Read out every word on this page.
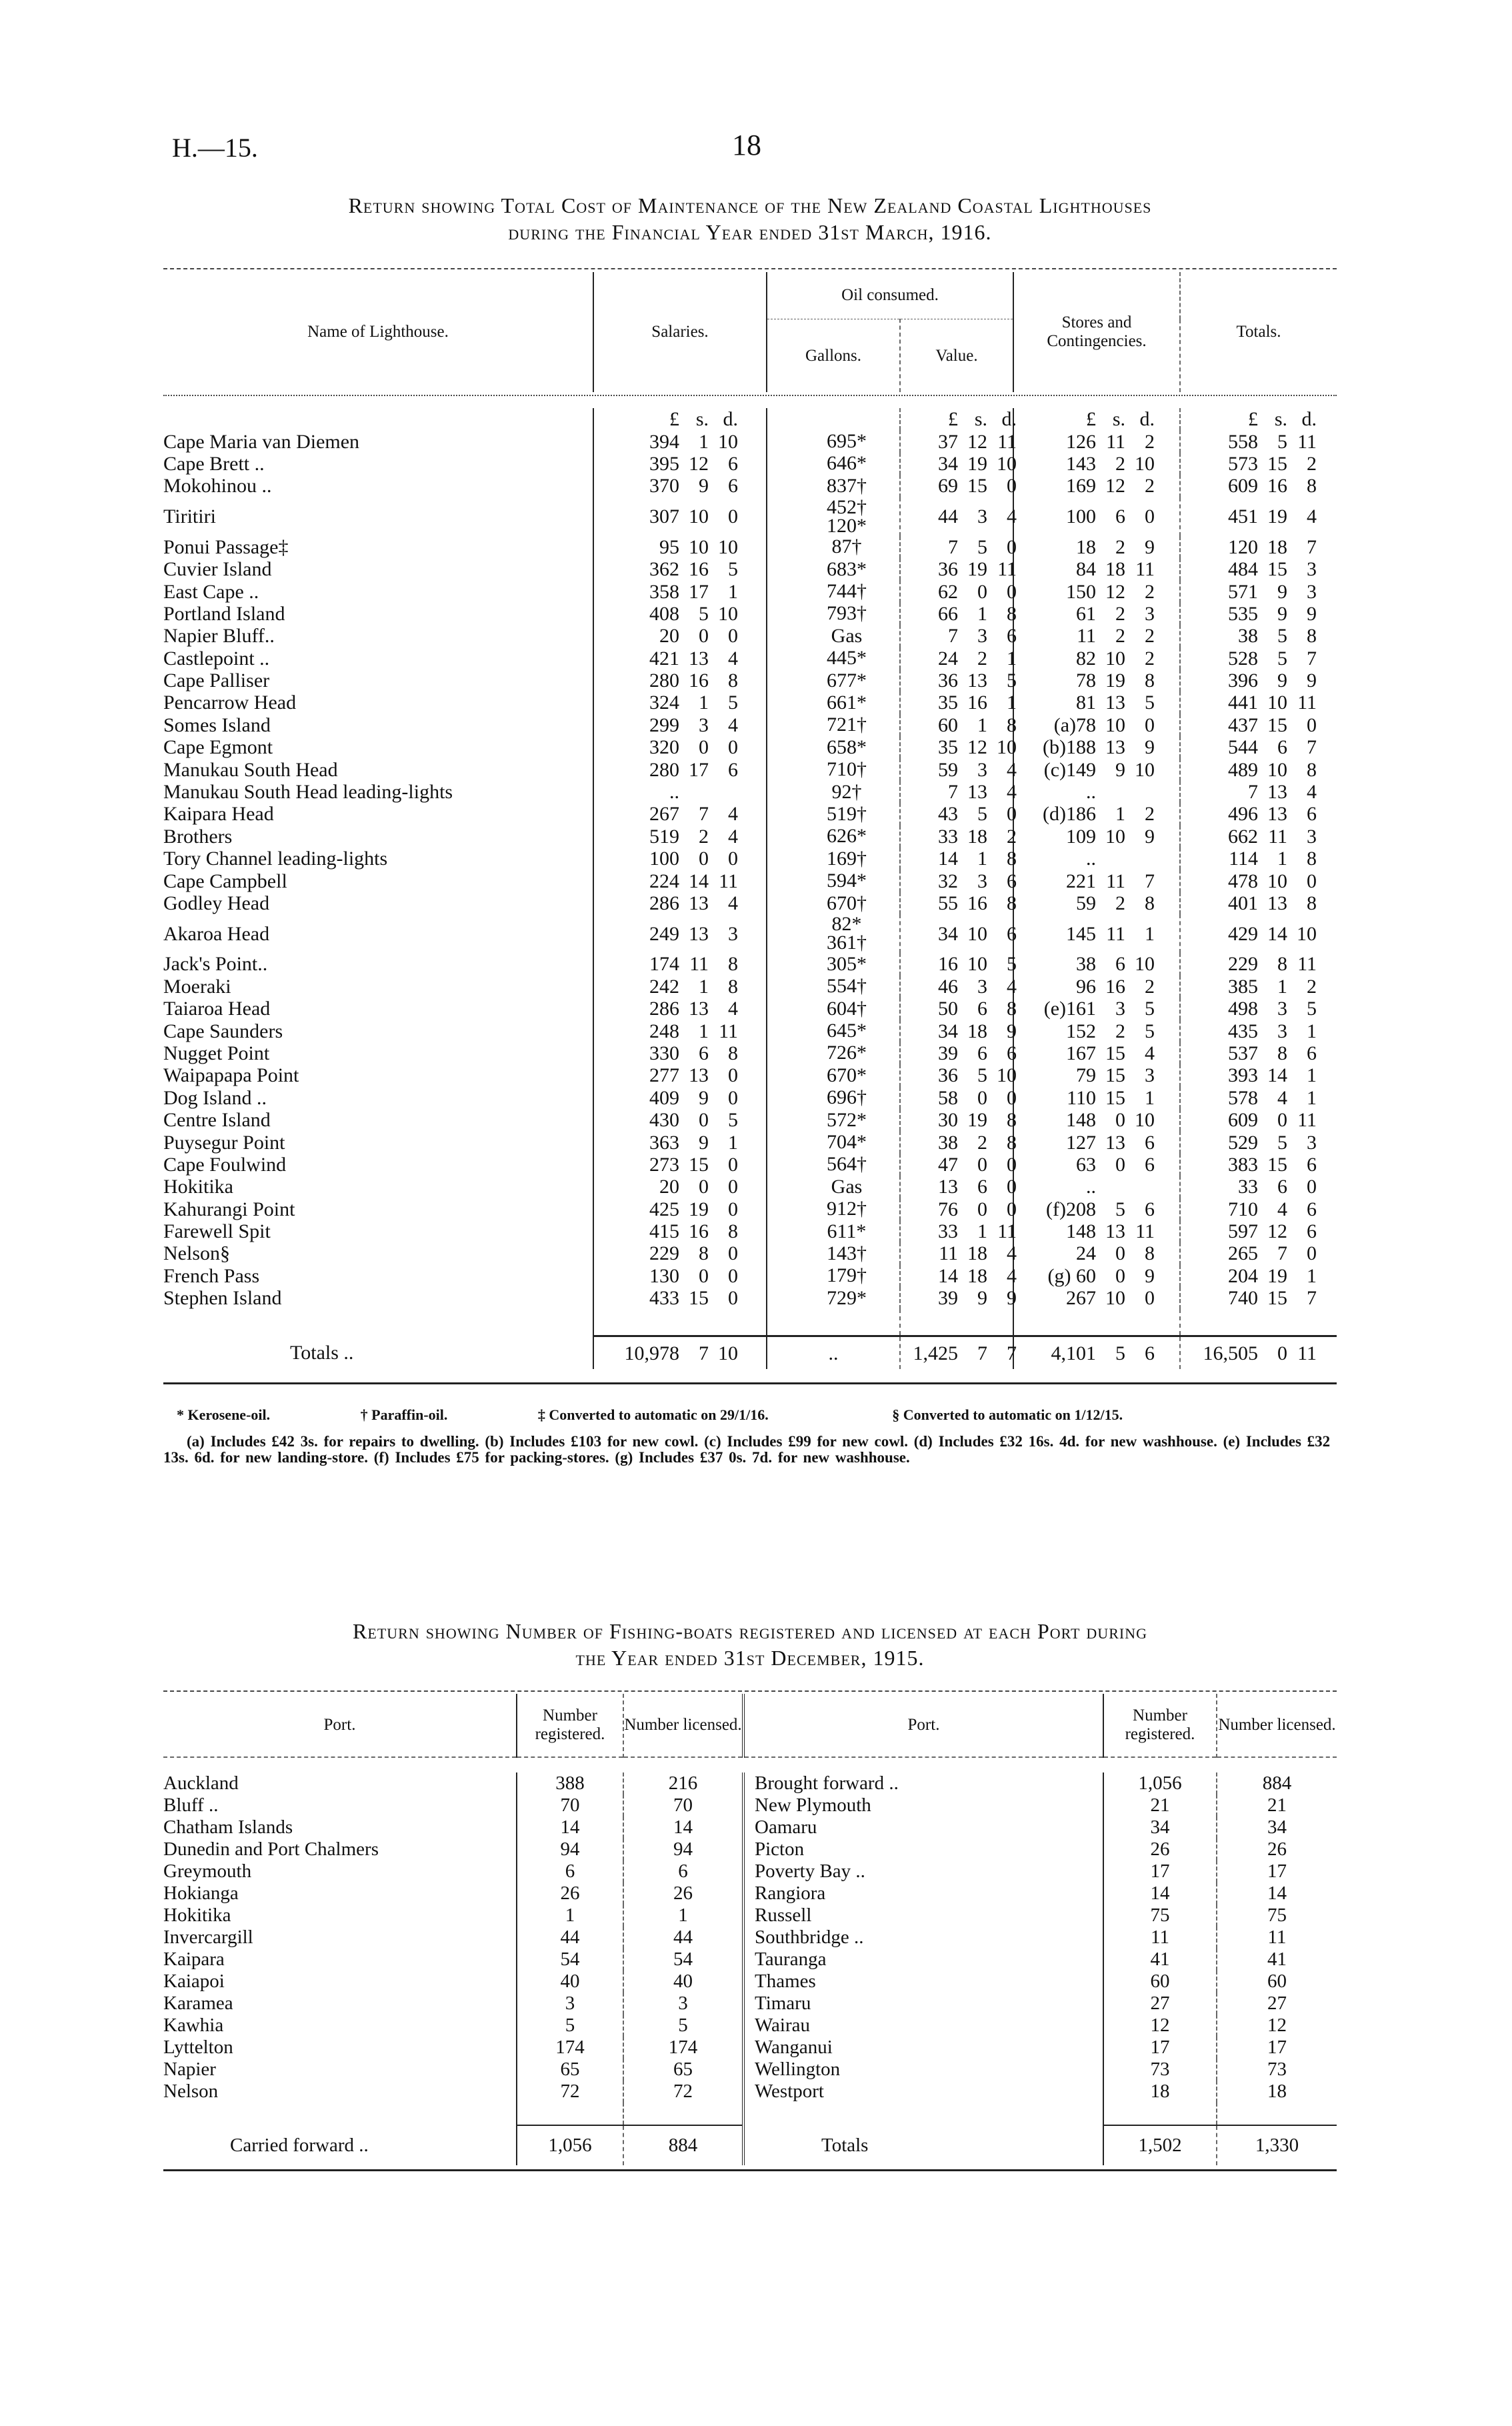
H.—15.	18
Return showing Total Cost of Maintenance of the New Zealand Coastal Lighthouses
during the Financial Year ended 31st March, 1916.
Name of Lighthouse.	Salaries.	Oil consumed.		Stores and Contingencies.	Totals.
		Gallons.	Value.		
	£ s. d.		£ s. d.	£ s. d.	£ s. d.
Cape Maria van Diemen	394 1 10	695*	37 12 11	126 11 2	558 5 11
Cape Brett ..	395 12 6	646*	34 19 10	143 2 10	573 15 2
Mokohinou ..	370 9 6	837†	69 15 0	169 12 2	609 16 8
Tiritiri	307 10 0	452†
120*	44 3 4	100 6 0	451 19 4
Ponui Passage‡	95 10 10	87†	7 5 0	18 2 9	120 18 7
Cuvier Island	362 16 5	683*	36 19 11	84 18 11	484 15 3
East Cape ..	358 17 1	744†	62 0 0	150 12 2	571 9 3
Portland Island	408 5 10	793†	66 1 8	61 2 3	535 9 9
Napier Bluff..	20 0 0	Gas	7 3 6	11 2 2	38 5 8
Castlepoint ..	421 13 4	445*	24 2 1	82 10 2	528 5 7
Cape Palliser	280 16 8	677*	36 13 5	78 19 8	396 9 9
Pencarrow Head	324 1 5	661*	35 16 1	81 13 5	441 10 11
Somes Island	299 3 4	721†	60 1 8	(a)78 10 0	437 15 0
Cape Egmont	320 0 0	658*	35 12 10	(b)188 13 9	544 6 7
Manukau South Head	280 17 6	710†	59 3 4	(c)149 9 10	489 10 8
Manukau South Head leading-lights	..	92†	7 13 4	..	7 13 4
Kaipara Head	267 7 4	519†	43 5 0	(d)186 1 2	496 13 6
Brothers	519 2 4	626*	33 18 2	109 10 9	662 11 3
Tory Channel leading-lights	100 0 0	169†	14 1 8	..	114 1 8
Cape Campbell	224 14 11	594*	32 3 6	221 11 7	478 10 0
Godley Head	286 13 4	670†	55 16 8	59 2 8	401 13 8
Akaroa Head	249 13 3	82*
361†	34 10 6	145 11 1	429 14 10
Jack's Point..	174 11 8	305*	16 10 5	38 6 10	229 8 11
Moeraki	242 1 8	554†	46 3 4	96 16 2	385 1 2
Taiaroa Head	286 13 4	604†	50 6 8	(e)161 3 5	498 3 5
Cape Saunders	248 1 11	645*	34 18 9	152 2 5	435 3 1
Nugget Point	330 6 8	726*	39 6 6	167 15 4	537 8 6
Waipapapa Point	277 13 0	670*	36 5 10	79 15 3	393 14 1
Dog Island ..	409 9 0	696†	58 0 0	110 15 1	578 4 1
Centre Island	430 0 5	572*	30 19 8	148 0 10	609 0 11
Puysegur Point	363 9 1	704*	38 2 8	127 13 6	529 5 3
Cape Foulwind	273 15 0	564†	47 0 0	63 0 6	383 15 6
Hokitika	20 0 0	Gas	13 6 0	..	33 6 0
Kahurangi Point	425 19 0	912†	76 0 0	(f)208 5 6	710 4 6
Farewell Spit	415 16 8	611*	33 1 11	148 13 11	597 12 6
Nelson§	229 8 0	143†	11 18 4	24 0 8	265 7 0
French Pass	130 0 0	179†	14 18 4	(g) 60 0 9	204 19 1
Stephen Island	433 15 0	729*	39 9 9	267 10 0	740 15 7

Totals ..	10,978 7 10	..	1,425 7 7	4,101 5 6	16,505 0 11

* Kerosene-oil.	† Paraffin-oil.	‡ Converted to automatic on 29/1/16.	§ Converted to automatic on 1/12/15.
(a) Includes £42 3s. for repairs to dwelling. (b) Includes £103 for new cowl. (c) Includes £99 for new cowl. (d) Includes £32 16s. 4d. for new washhouse. (e) Includes £32 13s. 6d. for new landing-store. (f) Includes £75 for packing-stores. (g) Includes £37 0s. 7d. for new washhouse.
Return showing Number of Fishing-boats registered and licensed at each Port during
the Year ended 31st December, 1915.
Port.	Number registered.	Number licensed.	Port.	Number registered.	Number licensed.

Auckland	388	216	Brought forward ..	1,056	884
Bluff ..	70	70	New Plymouth	21	21
Chatham Islands	14	14	Oamaru	34	34
Dunedin and Port Chalmers	94	94	Picton	26	26
Greymouth	6	6	Poverty Bay ..	17	17
Hokianga	26	26	Rangiora	14	14
Hokitika	1	1	Russell	75	75
Invercargill	44	44	Southbridge ..	11	11
Kaipara	54	54	Tauranga	41	41
Kaiapoi	40	40	Thames	60	60
Karamea	3	3	Timaru	27	27
Kawhia	5	5	Wairau	12	12
Lyttelton	174	174	Wanganui	17	17
Napier	65	65	Wellington	73	73
Nelson	72	72	Westport	18	18

Carried forward ..	1,056	884	Totals	1,502	1,330
